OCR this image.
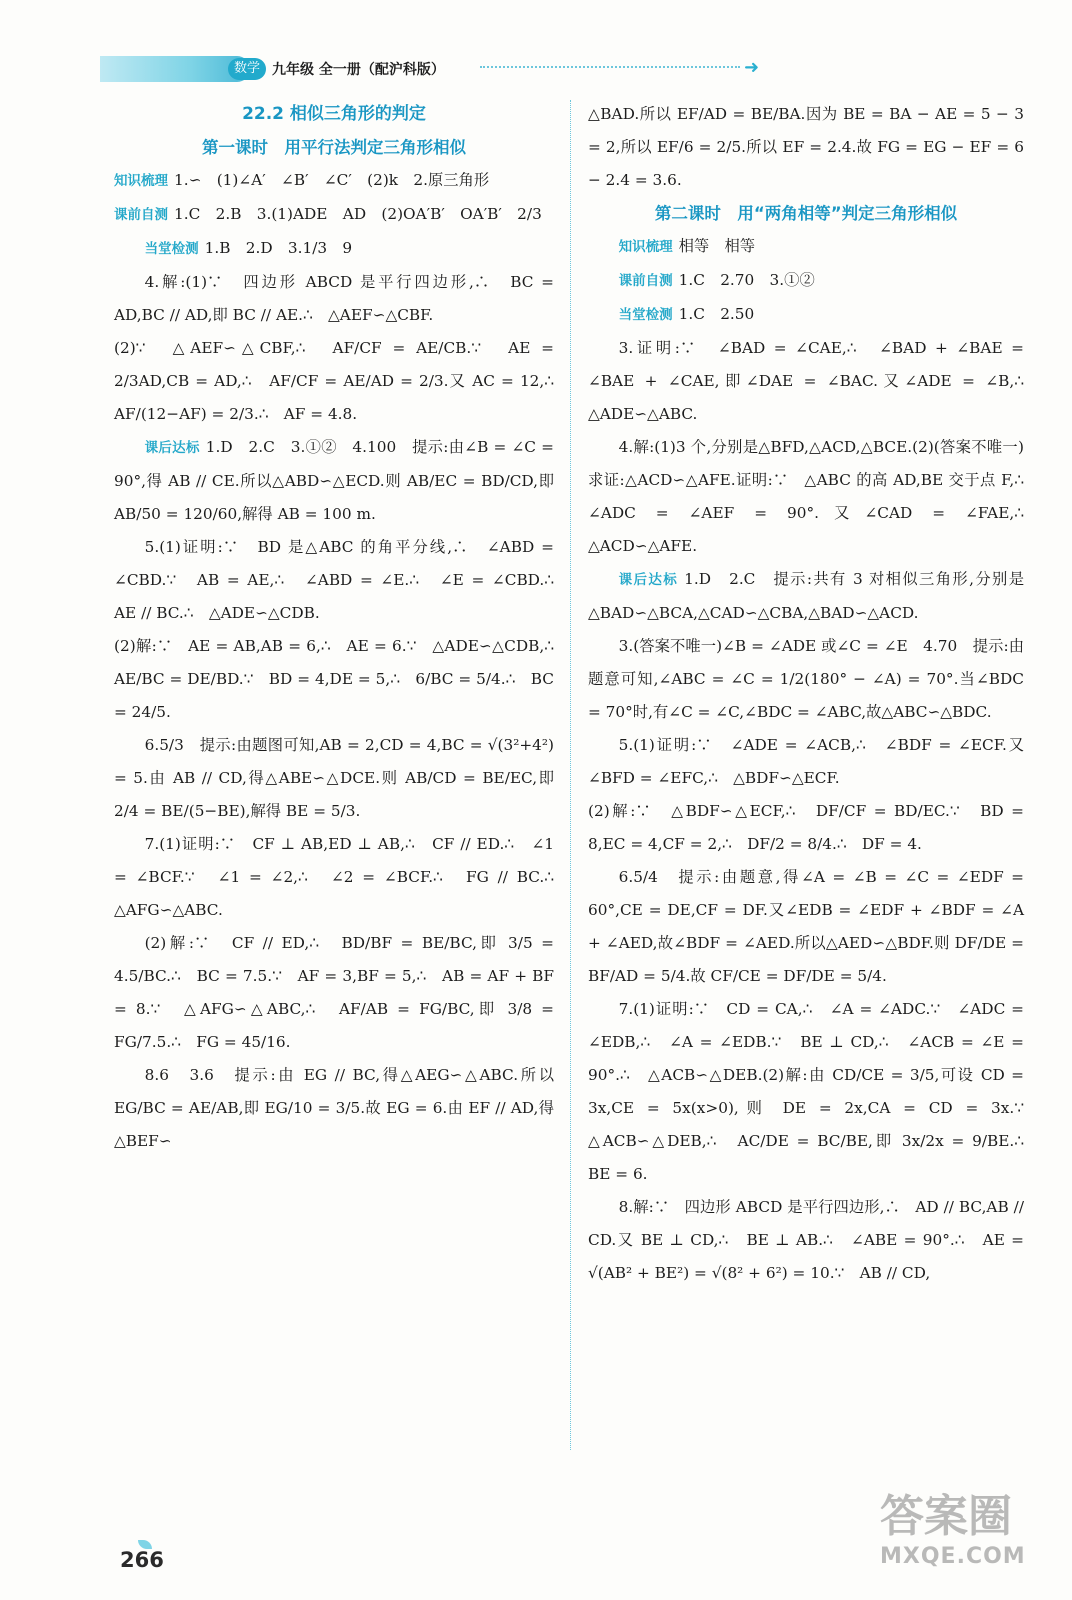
数学 九年级 全一册（配沪科版）	➜
22.2 相似三角形的判定
第一课时　用平行法判定三角形相似

知识梳理 1.∽　(1)∠A′　∠B′　∠C′　(2)k　2.原三角形

课前自测 1.C　2.B　3.(1)ADE　AD　(2)OA′B′　OA′B′　2/3

当堂检测 1.B　2.D　3.1/3　9

4.解:(1)∵　四边形 ABCD 是平行四边形,∴　BC = AD,BC // AD,即 BC // AE.∴　△AEF∽△CBF.

(2)∵　△AEF∽△CBF,∴　AF/CF = AE/CB.∵　AE = 2/3AD,CB = AD,∴　AF/CF = AE/AD = 2/3.又 AC = 12,∴　AF/(12−AF) = 2/3.∴　AF = 4.8.

课后达标 1.D　2.C　3.①②　4.100　提示:由∠B = ∠C = 90°,得 AB // CE.所以△ABD∽△ECD.则 AB/EC = BD/CD,即 AB/50 = 120/60,解得 AB = 100 m.

5.(1)证明:∵　BD 是△ABC 的角平分线,∴　∠ABD = ∠CBD.∵　AB = AE,∴　∠ABD = ∠E.∴　∠E = ∠CBD.∴　AE // BC.∴　△ADE∽△CDB.

(2)解:∵　AE = AB,AB = 6,∴　AE = 6.∵　△ADE∽△CDB,∴　AE/BC = DE/BD.∵　BD = 4,DE = 5,∴　6/BC = 5/4.∴　BC = 24/5.

6.5/3　提示:由题图可知,AB = 2,CD = 4,BC = √(3²+4²) = 5.由 AB // CD,得△ABE∽△DCE.则 AB/CD = BE/EC,即 2/4 = BE/(5−BE),解得 BE = 5/3.

7.(1)证明:∵　CF ⊥ AB,ED ⊥ AB,∴　CF // ED.∴　∠1 = ∠BCF.∵　∠1 = ∠2,∴　∠2 = ∠BCF.∴　FG // BC.∴　△AFG∽△ABC.

(2)解:∵　CF // ED,∴　BD/BF = BE/BC,即 3/5 = 4.5/BC.∴　BC = 7.5.∵　AF = 3,BF = 5,∴　AB = AF + BF = 8.∵　△AFG∽△ABC,∴　AF/AB = FG/BC,即 3/8 = FG/7.5.∴　FG = 45/16.

8.6　3.6　提示:由 EG // BC,得△AEG∽△ABC.所以 EG/BC = AE/AB,即 EG/10 = 3/5.故 EG = 6.由 EF // AD,得△BEF∽

△BAD.所以 EF/AD = BE/BA.因为 BE = BA − AE = 5 − 3 = 2,所以 EF/6 = 2/5.所以 EF = 2.4.故 FG = EG − EF = 6 − 2.4 = 3.6.

第二课时　用“两角相等”判定三角形相似

知识梳理 相等　相等

课前自测 1.C　2.70　3.①②

当堂检测 1.C　2.50

3.证明:∵　∠BAD = ∠CAE,∴　∠BAD + ∠BAE = ∠BAE + ∠CAE,即∠DAE = ∠BAC.又∠ADE = ∠B,∴　△ADE∽△ABC.

4.解:(1)3 个,分别是△BFD,△ACD,△BCE.(2)(答案不唯一)求证:△ACD∽△AFE.证明:∵　△ABC 的高 AD,BE 交于点 F,∴　∠ADC = ∠AEF = 90°.又∠CAD = ∠FAE,∴　△ACD∽△AFE.

课后达标 1.D　2.C　提示:共有 3 对相似三角形,分别是△BAD∽△BCA,△CAD∽△CBA,△BAD∽△ACD.

3.(答案不唯一)∠B = ∠ADE 或∠C = ∠E　4.70　提示:由题意可知,∠ABC = ∠C = 1/2(180° − ∠A) = 70°.当∠BDC = 70°时,有∠C = ∠C,∠BDC = ∠ABC,故△ABC∽△BDC.

5.(1)证明:∵　∠ADE = ∠ACB,∴　∠BDF = ∠ECF.又∠BFD = ∠EFC,∴　△BDF∽△ECF.

(2)解:∵　△BDF∽△ECF,∴　DF/CF = BD/EC.∵　BD = 8,EC = 4,CF = 2,∴　DF/2 = 8/4.∴　DF = 4.

6.5/4　提示:由题意,得∠A = ∠B = ∠C = ∠EDF = 60°,CE = DE,CF = DF.又∠EDB = ∠EDF + ∠BDF = ∠A + ∠AED,故∠BDF = ∠AED.所以△AED∽△BDF.则 DF/DE = BF/AD = 5/4.故 CF/CE = DF/DE = 5/4.

7.(1)证明:∵　CD = CA,∴　∠A = ∠ADC.∵　∠ADC = ∠EDB,∴　∠A = ∠EDB.∵　BE ⊥ CD,∴　∠ACB = ∠E = 90°.∴　△ACB∽△DEB.(2)解:由 CD/CE = 3/5,可设 CD = 3x,CE = 5x(x>0),则 DE = 2x,CA = CD = 3x.∵　△ACB∽△DEB,∴　AC/DE = BC/BE,即 3x/2x = 9/BE.∴　BE = 6.

8.解:∵　四边形 ABCD 是平行四边形,∴　AD // BC,AB // CD.又 BE ⊥ CD,∴　BE ⊥ AB.∴　∠ABE = 90°.∴　AE = √(AB² + BE²) = √(8² + 6²) = 10.∵　AB // CD,

266
答案圈
MXQE.COM
